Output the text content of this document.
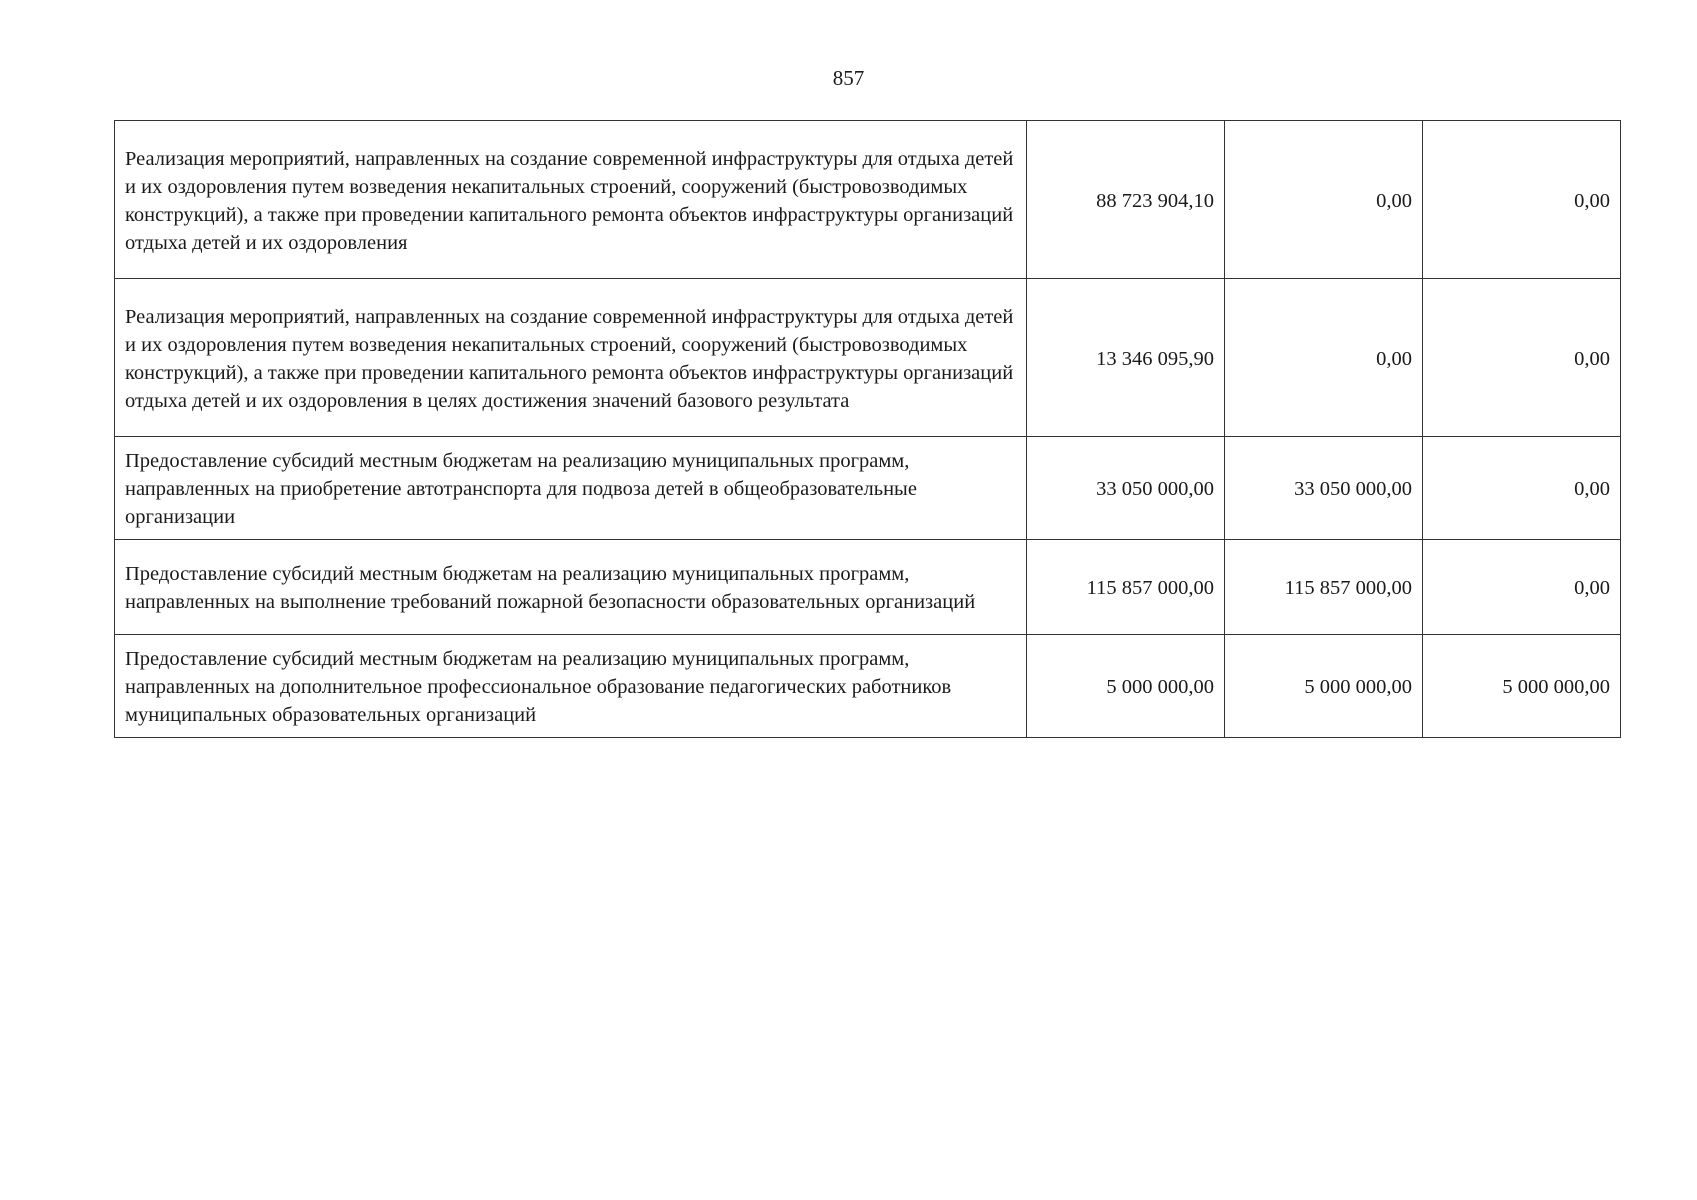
857
Реализация мероприятий, направленных на создание современной инфраструктуры для отдыха детей и их оздоровления путем возведения некапитальных строений, сооружений (быстровозводимых конструкций), а также при проведении капитального ремонта объектов инфраструктуры организаций отдыха детей и их оздоровления	88 723 904,10	0,00	0,00
Реализация мероприятий, направленных на создание современной инфраструктуры для отдыха детей и их оздоровления путем возведения некапитальных строений, сооружений (быстровозводимых конструкций), а также при проведении капитального ремонта объектов инфраструктуры организаций отдыха детей и их оздоровления в целях достижения значений базового результата	13 346 095,90	0,00	0,00
Предоставление субсидий местным бюджетам на реализацию муниципальных программ, направленных на приобретение автотранспорта для подвоза детей в общеобразовательные организации	33 050 000,00	33 050 000,00	0,00
Предоставление субсидий местным бюджетам на реализацию муниципальных программ, направленных на выполнение требований пожарной безопасности образовательных организаций	115 857 000,00	115 857 000,00	0,00
Предоставление субсидий местным бюджетам на реализацию муниципальных программ, направленных на дополнительное профессиональное образование педагогических работников муниципальных образовательных организаций	5 000 000,00	5 000 000,00	5 000 000,00
